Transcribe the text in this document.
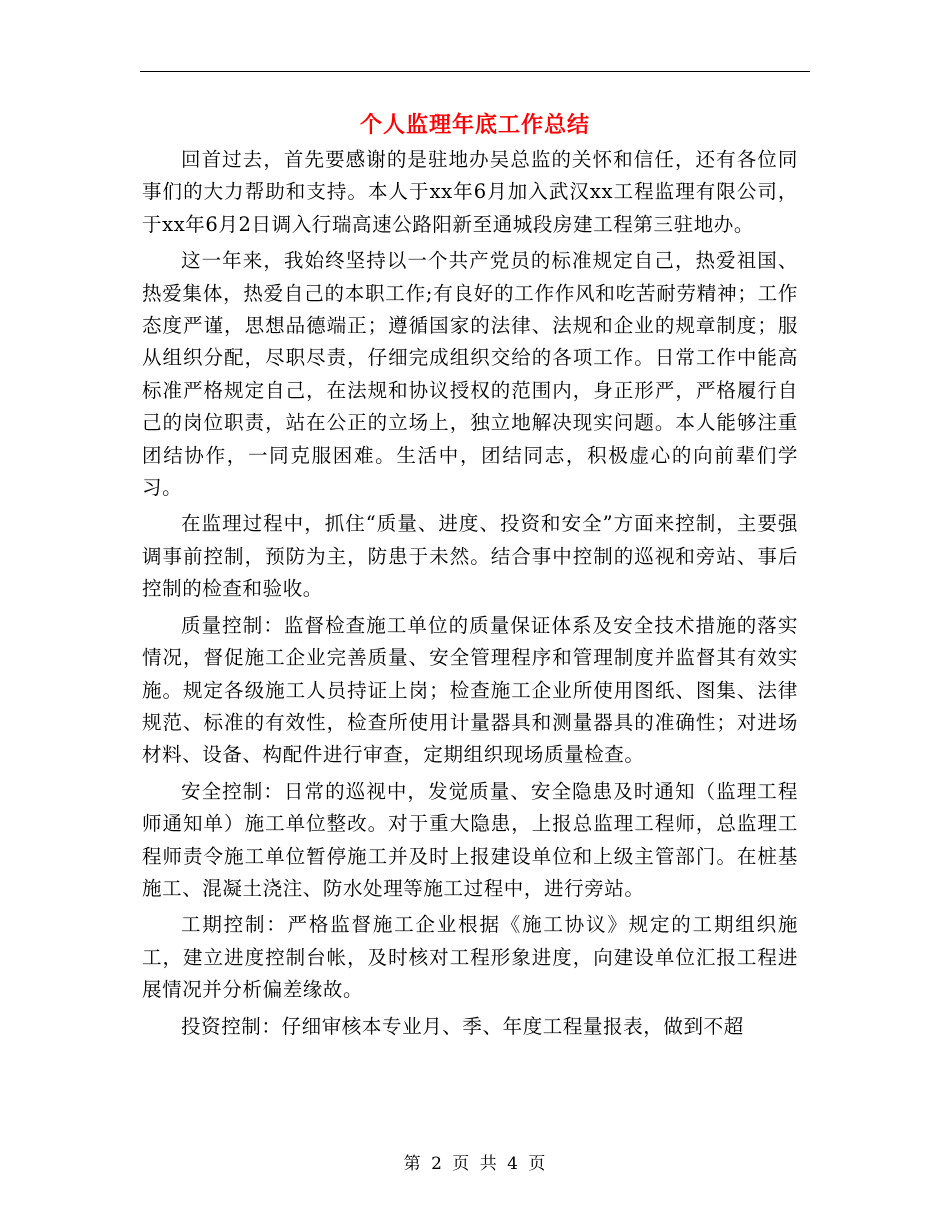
个人监理年底工作总结

回首过去，首先要感谢的是驻地办吴总监的关怀和信任，还有各位同事们的大力帮助和支持。本人于xx年6月加入武汉xx工程监理有限公司，于xx年6月2日调入行瑞高速公路阳新至通城段房建工程第三驻地办。

这一年来，我始终坚持以一个共产党员的标准规定自己，热爱祖国、热爱集体，热爱自己的本职工作;有良好的工作作风和吃苦耐劳精神；工作态度严谨，思想品德端正；遵循国家的法律、法规和企业的规章制度；服从组织分配，尽职尽责，仔细完成组织交给的各项工作。日常工作中能高标准严格规定自己，在法规和协议授权的范围内，身正形严，严格履行自己的岗位职责，站在公正的立场上，独立地解决现实问题。本人能够注重团结协作，一同克服困难。生活中，团结同志，积极虚心的向前辈们学习。

在监理过程中，抓住“质量、进度、投资和安全”方面来控制，主要强调事前控制，预防为主，防患于未然。结合事中控制的巡视和旁站、事后控制的检查和验收。

质量控制：监督检查施工单位的质量保证体系及安全技术措施的落实情况，督促施工企业完善质量、安全管理程序和管理制度并监督其有效实施。规定各级施工人员持证上岗；检查施工企业所使用图纸、图集、法律规范、标准的有效性，检查所使用计量器具和测量器具的准确性；对进场材料、设备、构配件进行审查，定期组织现场质量检查。

安全控制：日常的巡视中，发觉质量、安全隐患及时通知（监理工程师通知单）施工单位整改。对于重大隐患，上报总监理工程师，总监理工程师责令施工单位暂停施工并及时上报建设单位和上级主管部门。在桩基施工、混凝土浇注、防水处理等施工过程中，进行旁站。

工期控制：严格监督施工企业根据《施工协议》规定的工期组织施工，建立进度控制台帐，及时核对工程形象进度，向建设单位汇报工程进展情况并分析偏差缘故。

投资控制：仔细审核本专业月、季、年度工程量报表，做到不超

第 2 页 共 4 页
